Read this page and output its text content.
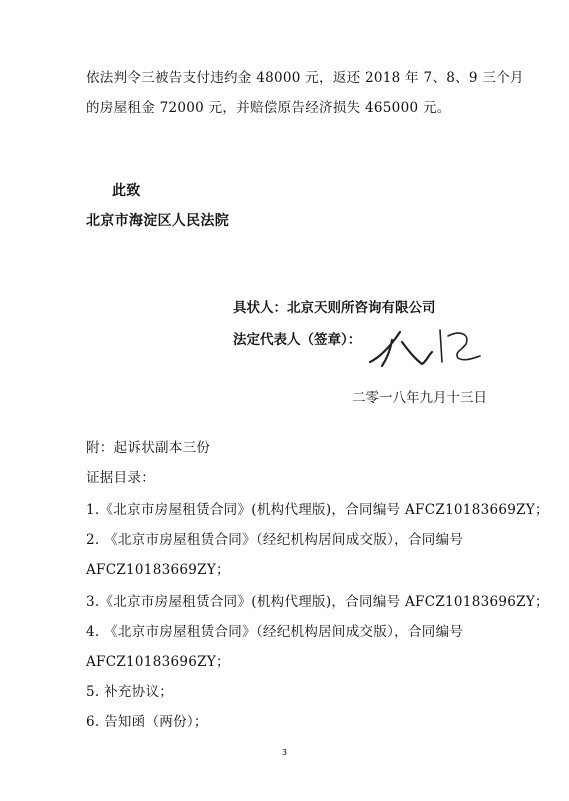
依法判令三被告支付违约金 48000 元，返还 2018 年 7、8、9 三个月
的房屋租金 72000 元，并赔偿原告经济损失 465000 元。
此致
北京市海淀区人民法院
具状人：北京天则所咨询有限公司
法定代表人（签章）：
二零一八年九月十三日
附：起诉状副本三份
证据目录：
1.《北京市房屋租赁合同》(机构代理版)，合同编号 AFCZ10183669ZY；
2. 《北京市房屋租赁合同》（经纪机构居间成交版），合同编号
AFCZ10183669ZY；
3.《北京市房屋租赁合同》(机构代理版)，合同编号 AFCZ10183696ZY；
4. 《北京市房屋租赁合同》（经纪机构居间成交版），合同编号
AFCZ10183696ZY；
5. 补充协议；
6. 告知函（两份）；
3
